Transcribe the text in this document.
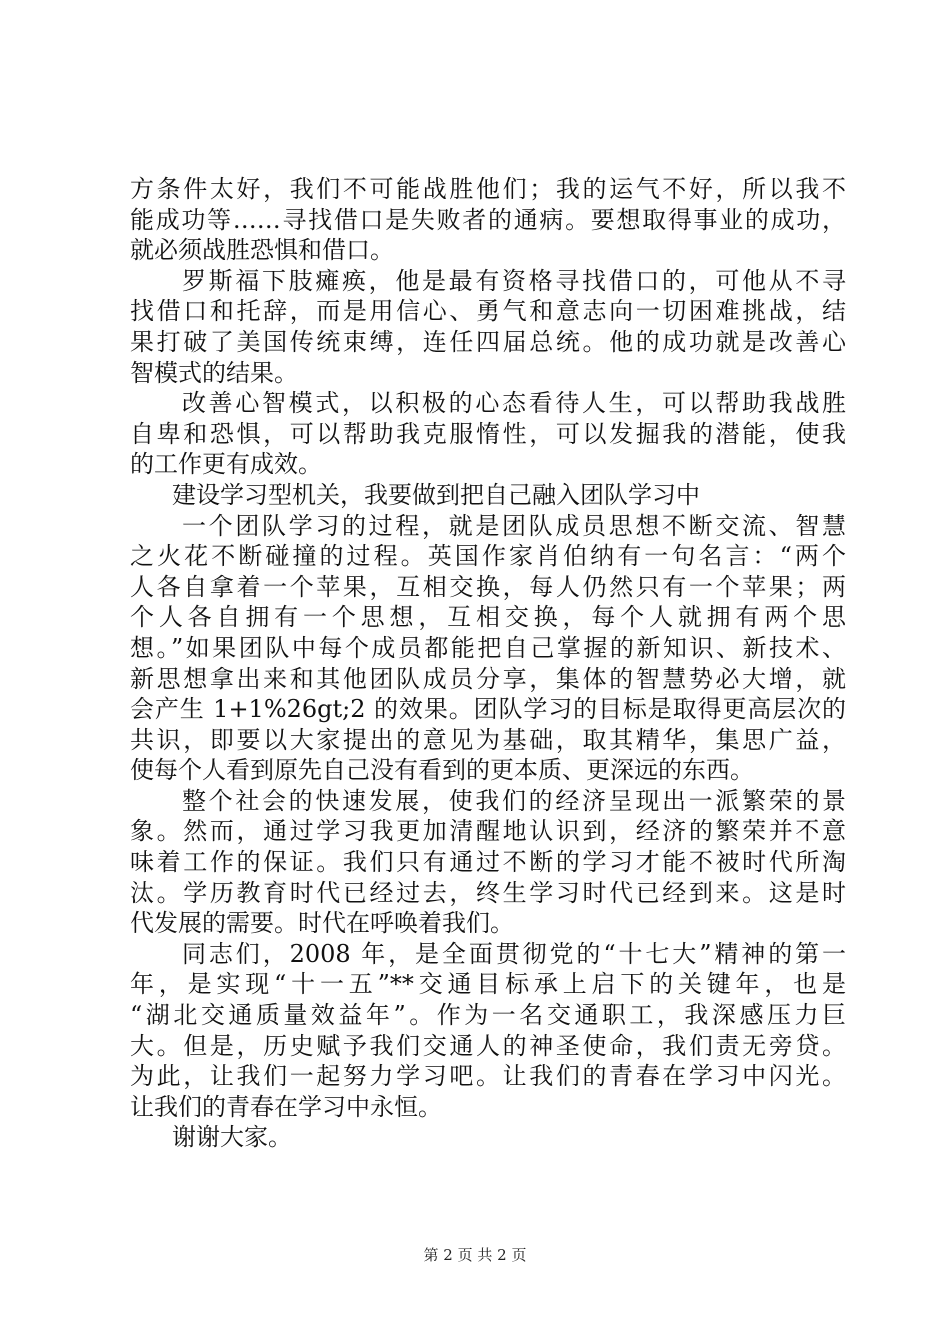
方条件太好，我们不可能战胜他们；我的运气不好，所以我不
能成功等……寻找借口是失败者的通病。要想取得事业的成功，
就必须战胜恐惧和借口。
罗斯福下肢瘫痪，他是最有资格寻找借口的，可他从不寻
找借口和托辞，而是用信心、勇气和意志向一切困难挑战，结
果打破了美国传统束缚，连任四届总统。他的成功就是改善心
智模式的结果。
改善心智模式，以积极的心态看待人生，可以帮助我战胜
自卑和恐惧，可以帮助我克服惰性，可以发掘我的潜能，使我
的工作更有成效。
建设学习型机关，我要做到把自己融入团队学习中
一个团队学习的过程，就是团队成员思想不断交流、智慧
之火花不断碰撞的过程。英国作家肖伯纳有一句名言：“两个
人各自拿着一个苹果，互相交换，每人仍然只有一个苹果；两
个人各自拥有一个思想，互相交换，每个人就拥有两个思
想。”如果团队中每个成员都能把自己掌握的新知识、新技术、
新思想拿出来和其他团队成员分享，集体的智慧势必大增，就
会产生 1+1%26gt;2 的效果。团队学习的目标是取得更高层次的
共识，即要以大家提出的意见为基础，取其精华，集思广益，
使每个人看到原先自己没有看到的更本质、更深远的东西。
整个社会的快速发展，使我们的经济呈现出一派繁荣的景
象。然而，通过学习我更加清醒地认识到，经济的繁荣并不意
味着工作的保证。我们只有通过不断的学习才能不被时代所淘
汰。学历教育时代已经过去，终生学习时代已经到来。这是时
代发展的需要。时代在呼唤着我们。
同志们，2008 年，是全面贯彻党的“十七大”精神的第一
年，是实现“十一五”**交通目标承上启下的关键年，也是
“湖北交通质量效益年”。作为一名交通职工，我深感压力巨
大。但是，历史赋予我们交通人的神圣使命，我们责无旁贷。
为此，让我们一起努力学习吧。让我们的青春在学习中闪光。
让我们的青春在学习中永恒。
谢谢大家。
第 2 页 共 2 页
